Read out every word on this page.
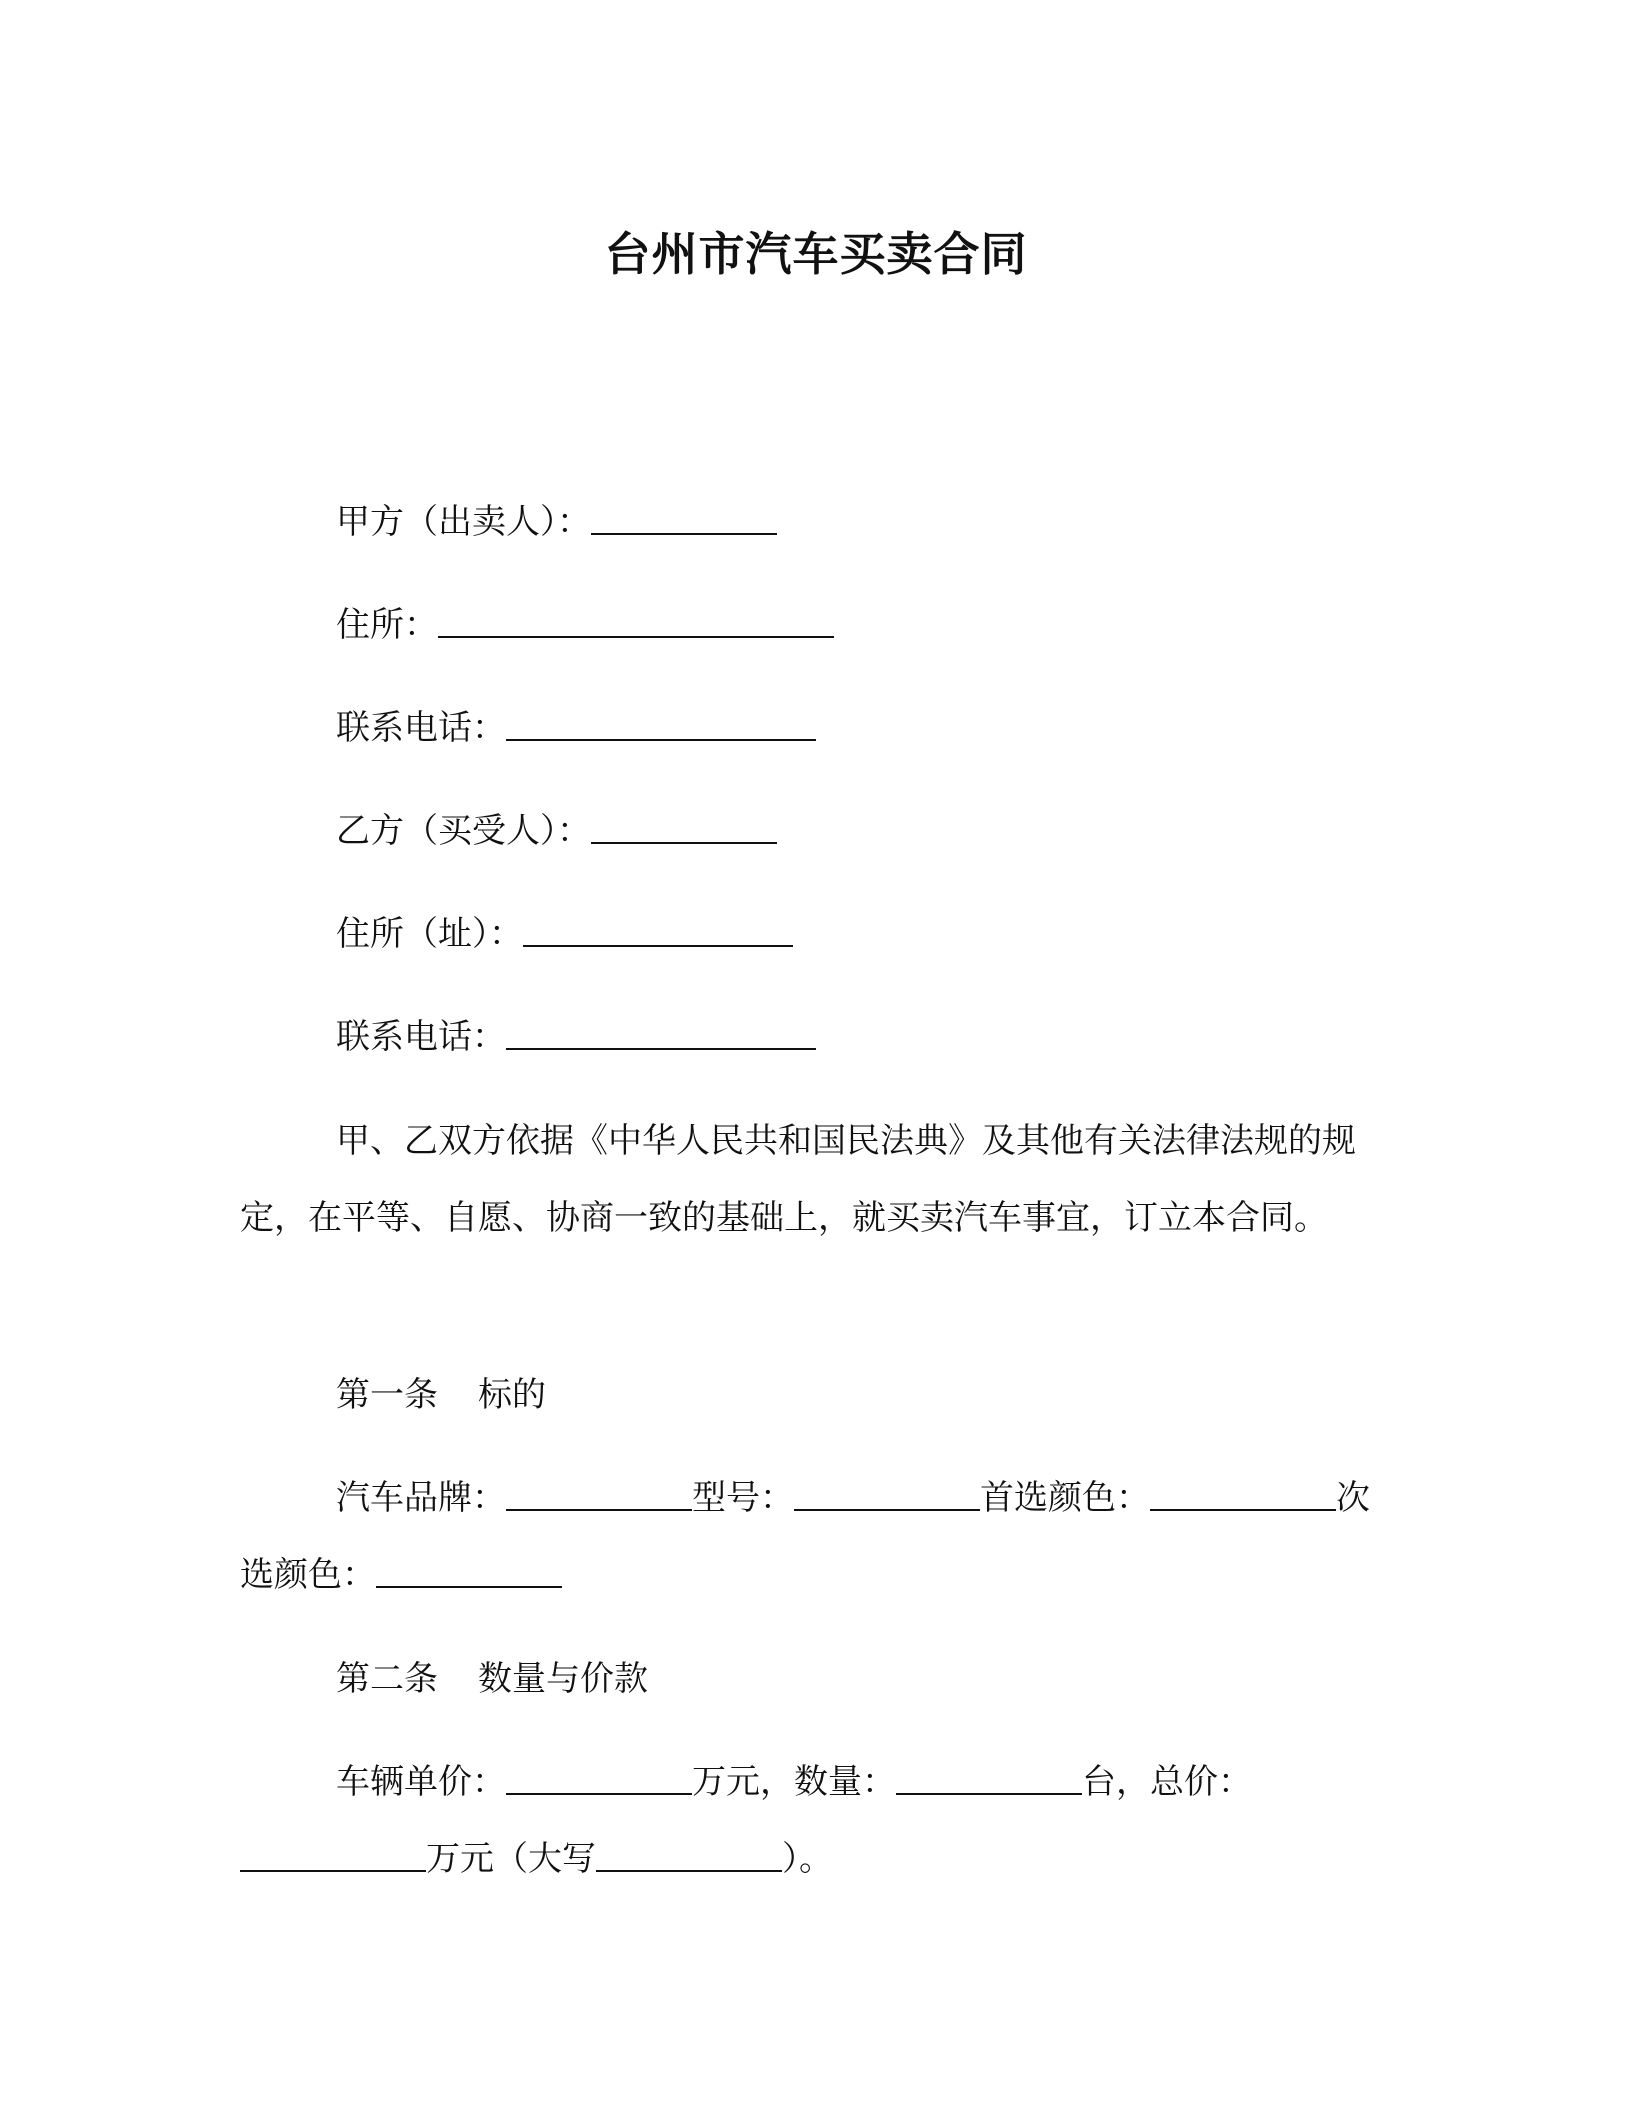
台州市汽车买卖合同
甲方（出卖人）：
住所：
联系电话：
乙方（买受人）：
住所（址）：
联系电话：
甲、乙双方依据《中华人民共和国民法典》及其他有关法律法规的规定，在平等、自愿、协商一致的基础上，就买卖汽车事宜，订立本合同。
第一条 标的
汽车品牌：	型号：	首选颜色：	次选颜色：
第二条 数量与价款
车辆单价：	万元，数量：	台，总价：万元（大写	）。
